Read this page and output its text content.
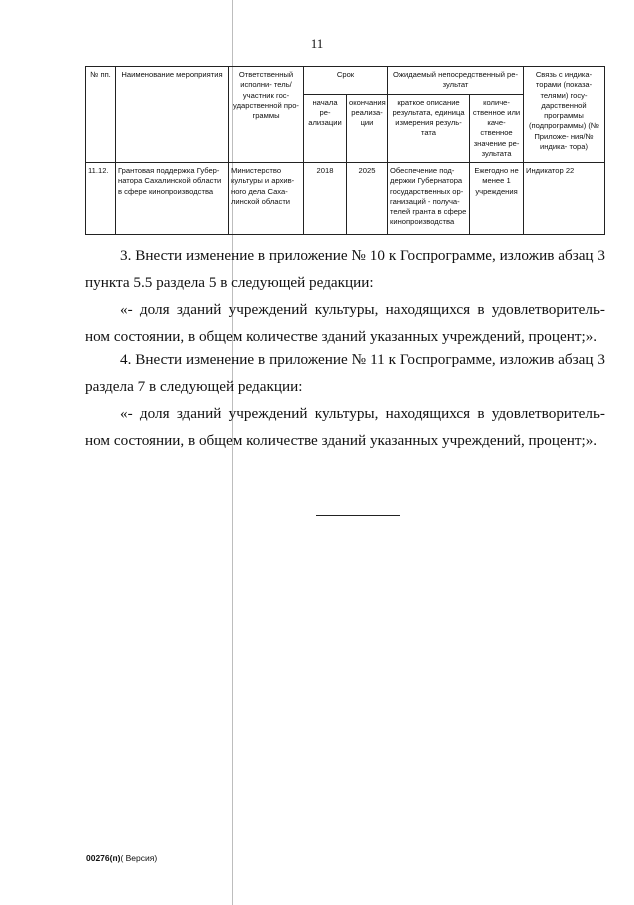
11
№ пп.	Наименование мероприятия	Ответственный исполни- тель/участник гос- ударственной про- граммы	Срок		Ожидаемый непосредственный ре- зультат		Связь с индика- торами (показа- телями) госу- дарственной программы (подпрограммы) (№ Приложе- ния/№ индика- тора)
			начала ре- ализации	окончания реализа- ции	краткое описание результата, единица измерения резуль- тата	количе- ственное или каче- ственное значение ре- зультата	
11.12.	Грантовая поддержка Губер- натора Сахалинской области в сфере кинопроизводства	Министерство культуры и архив- ного дела Саха- линской области	2018	2025	Обеспечение под- держки Губернатора государственных ор- ганизаций - получа- телей гранта в сфере кинопроизводства	Ежегодно не менее 1 учреждения	Индикатор 22
3. Внести изменение в приложение № 10 к Госпрограмме, изложив абзац 3 пункта 5.5 раздела 5 в следующей редакции:
«- доля зданий учреждений культуры, находящихся в удовлетворитель- ном состоянии, в общем количестве зданий указанных учреждений, процент;».
4. Внести изменение в приложение № 11 к Госпрограмме, изложив абзац 3 раздела 7 в следующей редакции:
«- доля зданий учреждений культуры, находящихся в удовлетворитель- ном состоянии, в общем количестве зданий указанных учреждений, процент;».
00276(п)( Версия)
